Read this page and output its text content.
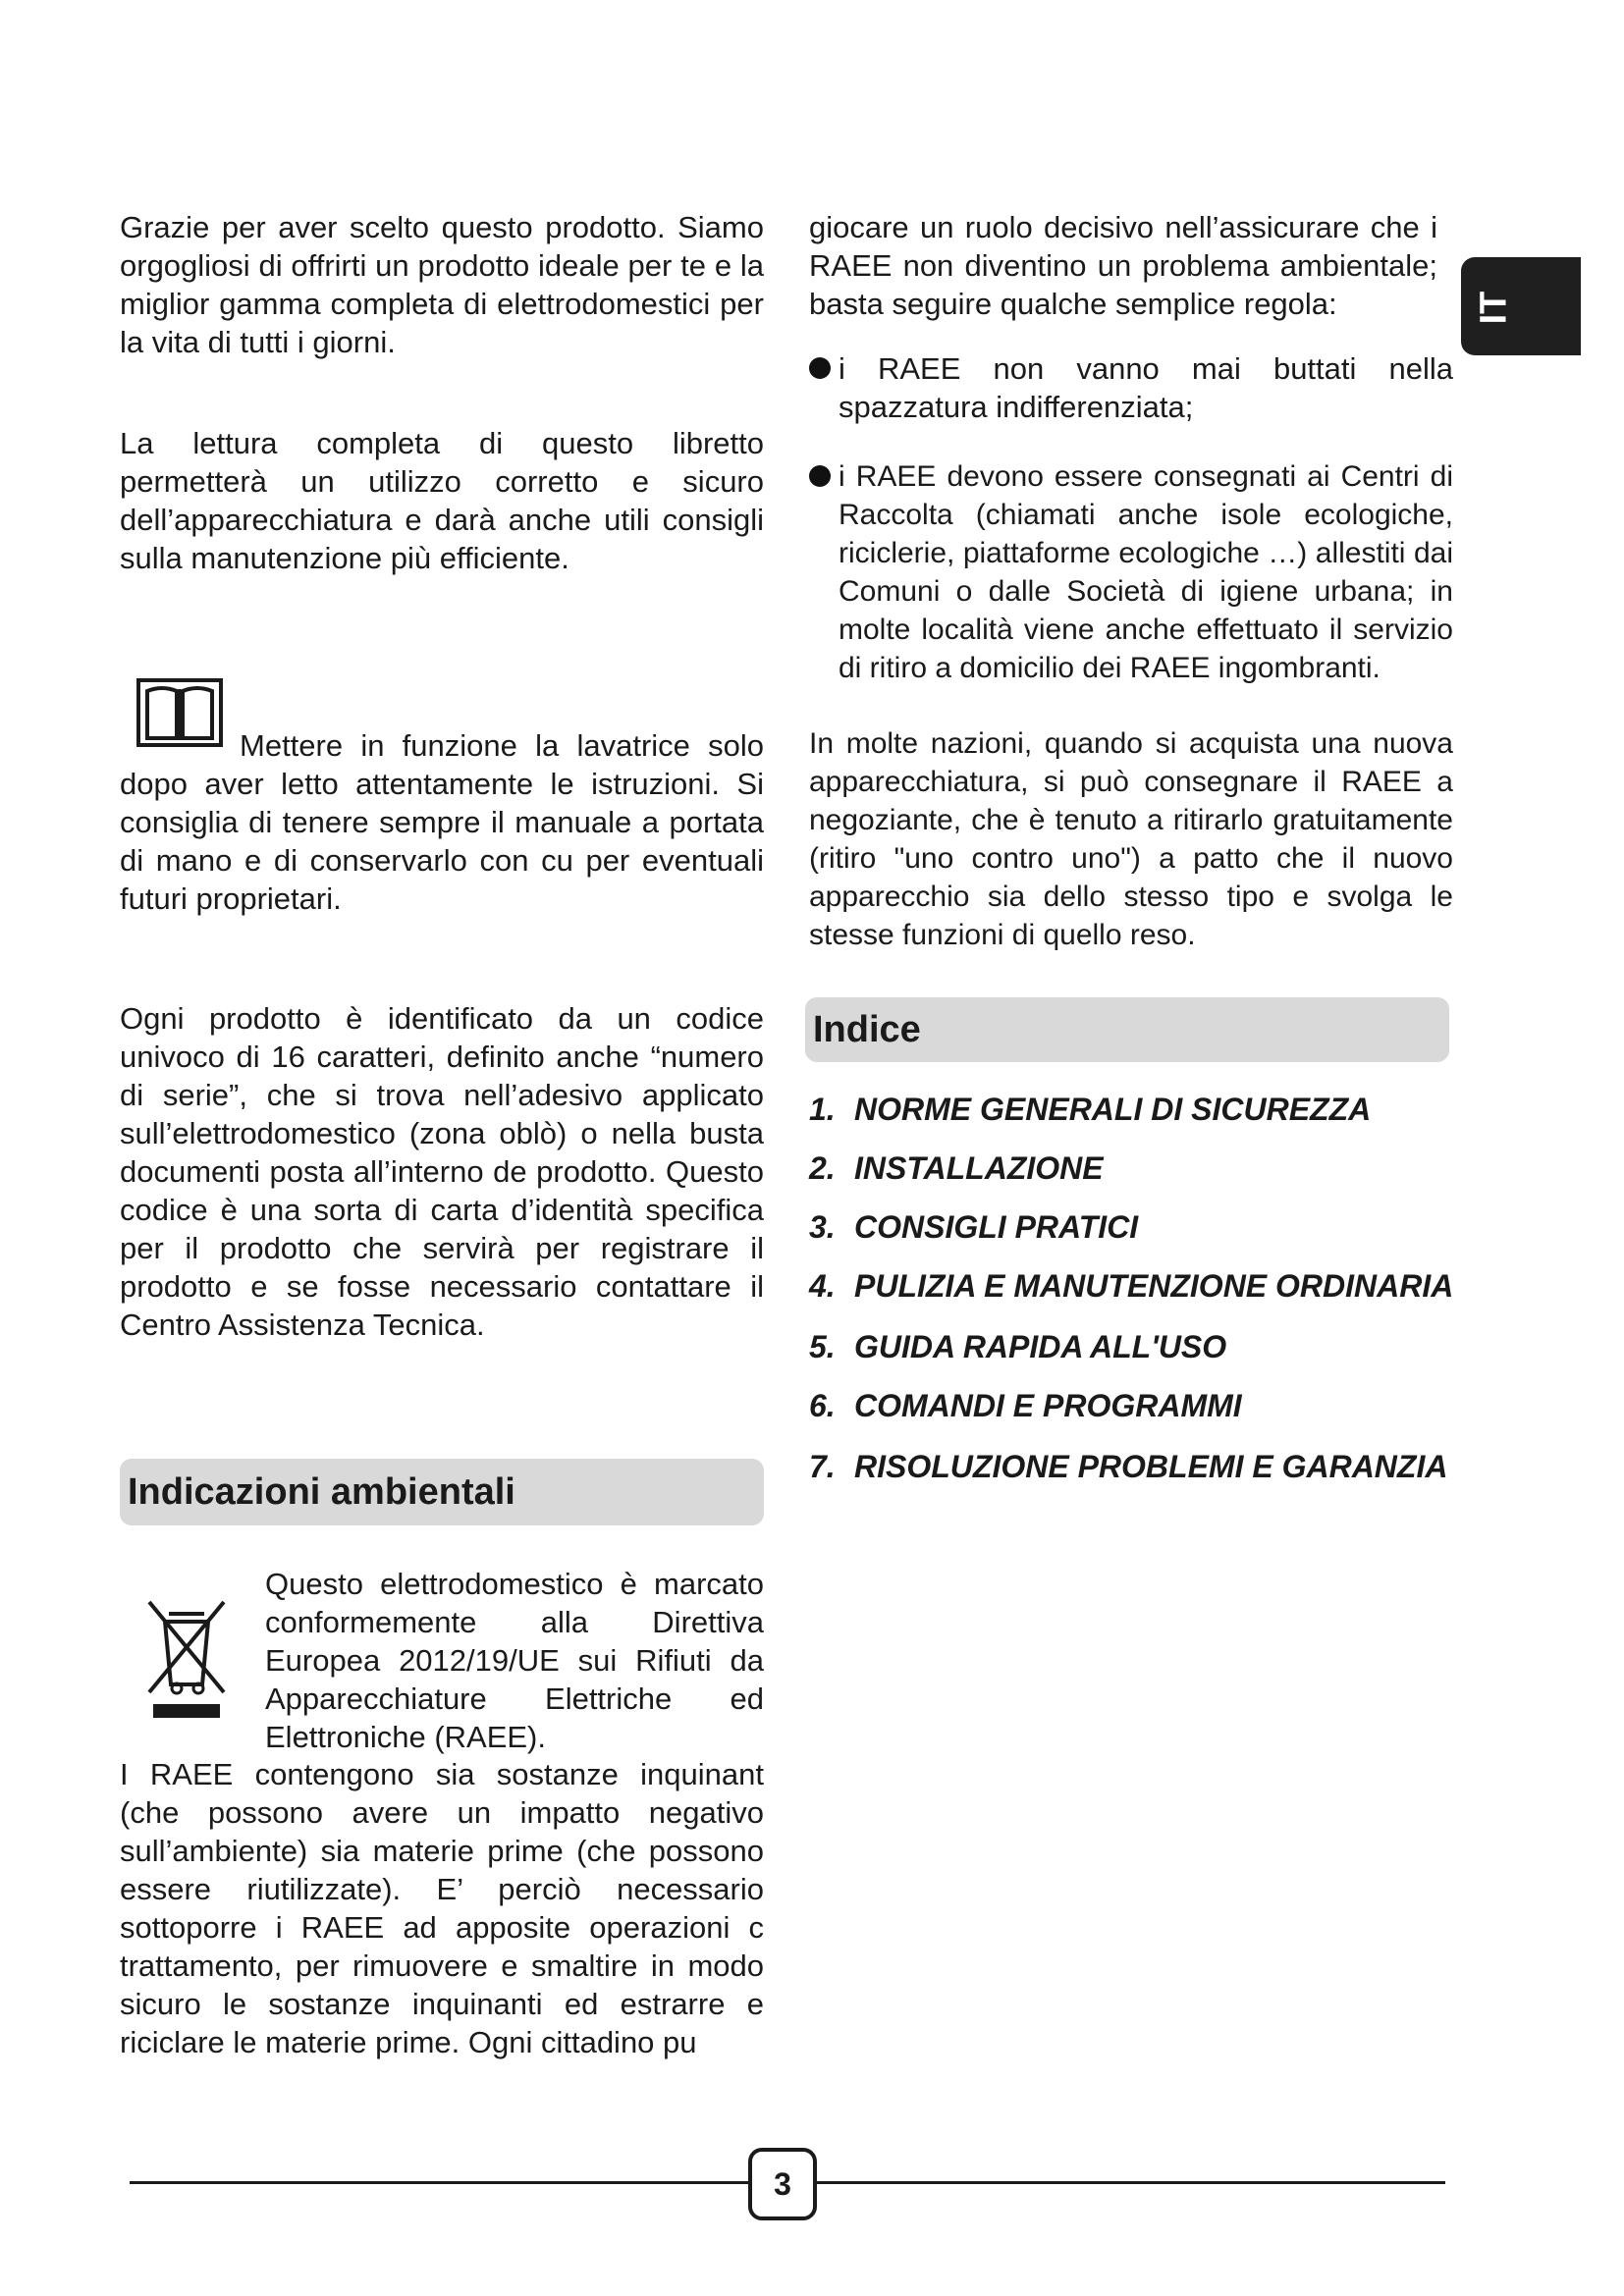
IT

Grazie per aver scelto questo prodotto. Siamo orgogliosi di offrirti un prodotto ideale per te e la miglior gamma completa di elettrodomestici per la vita di tutti i giorni.

La lettura completa di questo libretto permetterà un utilizzo corretto e sicuro dell’apparecchiatura e darà anche utili consigli sulla manutenzione più efficiente.

Mettere in funzione la lavatrice solo dopo aver letto attentamente le istruzioni. Si consiglia di tenere sempre il manuale a portata di mano e di conservarlo con cu per eventuali futuri proprietari.

Ogni prodotto è identificato da un codice univoco di 16 caratteri, definito anche “numero di serie”, che si trova nell’adesivo applicato sull’elettrodomestico (zona oblò) o nella busta documenti posta all’interno de prodotto. Questo codice è una sorta di carta d’identità specifica per il prodotto che servirà per registrare il prodotto e se fosse necessario contattare il Centro Assistenza Tecnica.

Indicazioni ambientali

Questo elettrodomestico è marcato conformemente alla Direttiva Europea 2012/19/UE sui Rifiuti da Apparecchiature Elettriche ed Elettroniche (RAEE).

I RAEE contengono sia sostanze inquinant (che possono avere un impatto negativo sull’ambiente) sia materie prime (che possono essere riutilizzate). E’ perciò necessario sottoporre i RAEE ad apposite operazioni c trattamento, per rimuovere e smaltire in modo sicuro le sostanze inquinanti ed estrarre e riciclare le materie prime. Ogni cittadino pu

giocare un ruolo decisivo nell’assicurare che i RAEE non diventino un problema ambientale; basta seguire qualche semplice regola:

i RAEE non vanno mai buttati nella spazzatura indifferenziata;
i RAEE devono essere consegnati ai Centri di Raccolta (chiamati anche isole ecologiche, riciclerie, piattaforme ecologiche …) allestiti dai Comuni o dalle Società di igiene urbana; in molte località viene anche effettuato il servizio di ritiro a domicilio dei RAEE ingombranti.

In molte nazioni, quando si acquista una nuova apparecchiatura, si può consegnare il RAEE a negoziante, che è tenuto a ritirarlo gratuitamente (ritiro "uno contro uno") a patto che il nuovo apparecchio sia dello stesso tipo e svolga le stesse funzioni di quello reso.

Indice
1. NORME GENERALI DI SICUREZZA
2. INSTALLAZIONE
3. CONSIGLI PRATICI
4. PULIZIA E MANUTENZIONE ORDINARIA
5. GUIDA RAPIDA ALL'USO
6. COMANDI E PROGRAMMI
7. RISOLUZIONE PROBLEMI E GARANZIA
3
